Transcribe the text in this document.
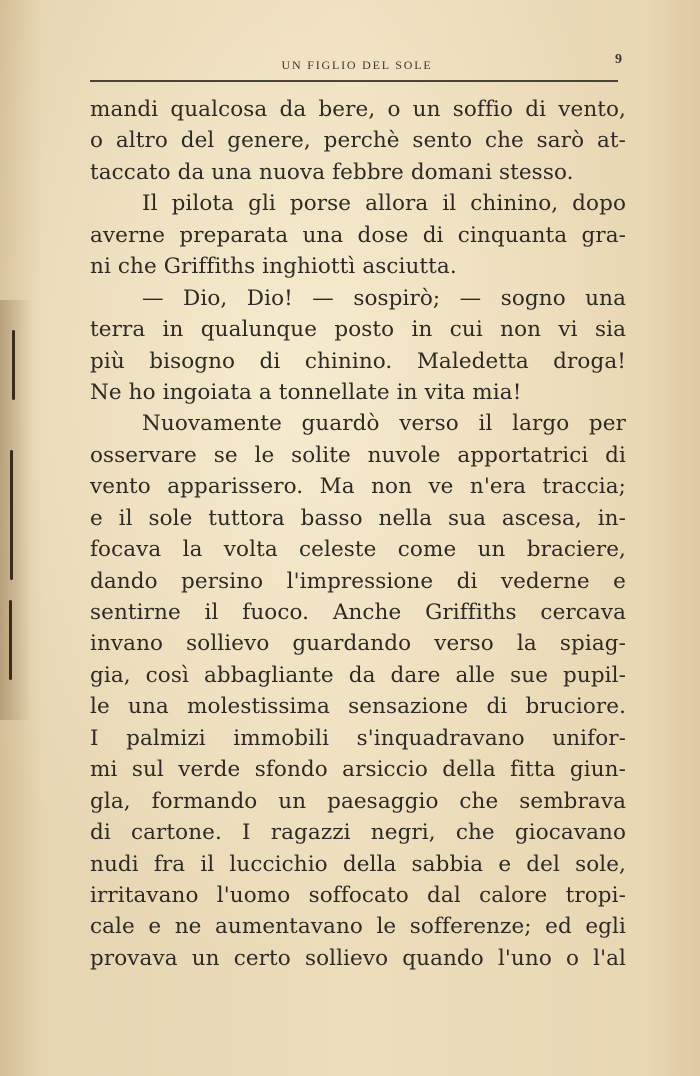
UN FIGLIO DEL SOLE	9
mandi qualcosa da bere, o un soffio di vento,
o altro del genere, perchè sento che sarò at-
taccato da una nuova febbre domani stesso.
Il pilota gli porse allora il chinino, dopo
averne preparata una dose di cinquanta gra-
ni che Griffiths inghiottì asciutta.
— Dio, Dio! — sospirò; — sogno una
terra in qualunque posto in cui non vi sia
più bisogno di chinino. Maledetta droga!
Ne ho ingoiata a tonnellate in vita mia!
Nuovamente guardò verso il largo per
osservare se le solite nuvole apportatrici di
vento apparissero. Ma non ve n'era traccia;
e il sole tuttora basso nella sua ascesa, in-
focava la volta celeste come un braciere,
dando persino l'impressione di vederne e
sentirne il fuoco. Anche Griffiths cercava
invano sollievo guardando verso la spiag-
gia, così abbagliante da dare alle sue pupil-
le una molestissima sensazione di bruciore.
I palmizi immobili s'inquadravano unifor-
mi sul verde sfondo arsiccio della fitta giun-
gla, formando un paesaggio che sembrava
di cartone. I ragazzi negri, che giocavano
nudi fra il luccichio della sabbia e del sole,
irritavano l'uomo soffocato dal calore tropi-
cale e ne aumentavano le sofferenze; ed egli
provava un certo sollievo quando l'uno o l'al
